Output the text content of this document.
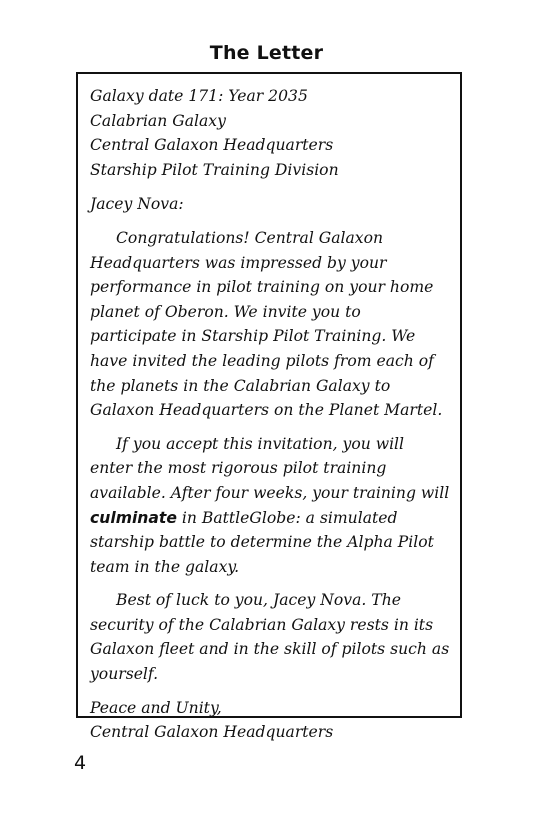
The Letter

Galaxy date 171: Year 2035

Calabrian Galaxy

Central Galaxon Headquarters

Starship Pilot Training Division

Jacey Nova:

Congratulations! Central Galaxon Headquarters was impressed by your performance in pilot training on your home planet of Oberon. We invite you to participate in Starship Pilot Training. We have invited the leading pilots from each of the planets in the Calabrian Galaxy to Galaxon Headquarters on the Planet Martel.

If you accept this invitation, you will enter the most rigorous pilot training available. After four weeks, your training will culminate in BattleGlobe: a simulated starship battle to determine the Alpha Pilot team in the galaxy.

Best of luck to you, Jacey Nova. The security of the Calabrian Galaxy rests in its Galaxon fleet and in the skill of pilots such as yourself.

Peace and Unity,

Central Galaxon Headquarters

4
